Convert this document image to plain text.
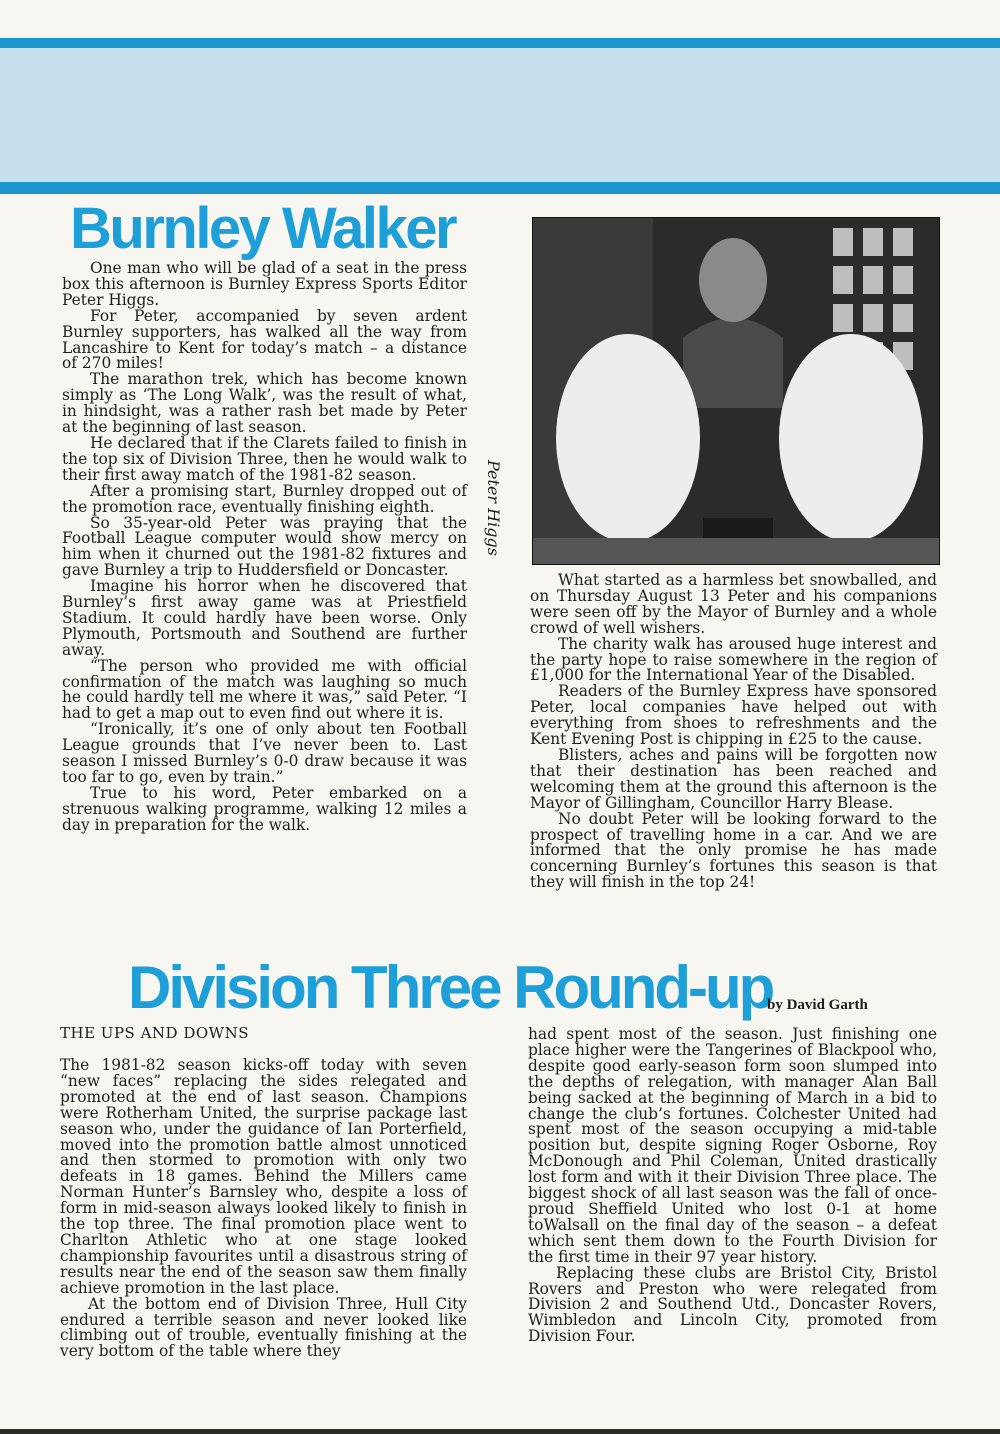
Burnley Walker

One man who will be glad of a seat in the press box this afternoon is Burnley Express Sports Editor Peter Higgs.

For Peter, accompanied by seven ardent Burnley supporters, has walked all the way from Lancashire to Kent for today’s match – a distance of 270 miles!

The marathon trek, which has become known simply as ‘The Long Walk’, was the result of what, in hindsight, was a rather rash bet made by Peter at the beginning of last season.

He declared that if the Clarets failed to finish in the top six of Division Three, then he would walk to their first away match of the 1981-82 season.

After a promising start, Burnley dropped out of the promotion race, eventually finishing eighth.

So 35-year-old Peter was praying that the Football League computer would show mercy on him when it churned out the 1981-82 fixtures and gave Burnley a trip to Huddersfield or Doncaster.

Imagine his horror when he discovered that Burnley’s first away game was at Priestfield Stadium. It could hardly have been worse. Only Plymouth, Portsmouth and Southend are further away.

“The person who provided me with official confirmation of the match was laughing so much he could hardly tell me where it was,” said Peter. “I had to get a map out to even find out where it is.

“Ironically, it’s one of only about ten Football League grounds that I’ve never been to. Last season I missed Burnley’s 0-0 draw because it was too far to go, even by train.”

True to his word, Peter embarked on a strenuous walking programme, walking 12 miles a day in preparation for the walk.

Peter Higgs

What started as a harmless bet snowballed, and on Thursday August 13 Peter and his companions were seen off by the Mayor of Burnley and a whole crowd of well wishers.

The charity walk has aroused huge interest and the party hope to raise somewhere in the region of £1,000 for the International Year of the Disabled.

Readers of the Burnley Express have sponsored Peter, local companies have helped out with everything from shoes to refreshments and the Kent Evening Post is chipping in £25 to the cause.

Blisters, aches and pains will be forgotten now that their destination has been reached and welcoming them at the ground this afternoon is the Mayor of Gillingham, Councillor Harry Blease.

No doubt Peter will be looking forward to the prospect of travelling home in a car. And we are informed that the only promise he has made concerning Burnley’s fortunes this season is that they will finish in the top 24!

Division Three Round-up
by David Garth
THE UPS AND DOWNS

The 1981-82 season kicks-off today with seven “new faces” replacing the sides relegated and promoted at the end of last season. Champions were Rotherham United, the surprise package last season who, under the guidance of Ian Porterfield, moved into the promotion battle almost unnoticed and then stormed to promotion with only two defeats in 18 games. Behind the Millers came Norman Hunter’s Barnsley who, despite a loss of form in mid-season always looked likely to finish in the top three. The final promotion place went to Charlton Athletic who at one stage looked championship favourites until a disastrous string of results near the end of the season saw them finally achieve promotion in the last place.

At the bottom end of Division Three, Hull City endured a terrible season and never looked like climbing out of trouble, eventually finishing at the very bottom of the table where they

had spent most of the season. Just finishing one place higher were the Tangerines of Blackpool who, despite good early-season form soon slumped into the depths of relegation, with manager Alan Ball being sacked at the beginning of March in a bid to change the club’s fortunes. Colchester United had spent most of the season occupying a mid-table position but, despite signing Roger Osborne, Roy McDonough and Phil Coleman, United drastically lost form and with it their Division Three place. The biggest shock of all last season was the fall of once-proud Sheffield United who lost 0-1 at home toWalsall on the final day of the season – a defeat which sent them down to the Fourth Division for the first time in their 97 year history.

Replacing these clubs are Bristol City, Bristol Rovers and Preston who were relegated from Division 2 and Southend Utd., Doncaster Rovers, Wimbledon and Lincoln City, promoted from Division Four.
